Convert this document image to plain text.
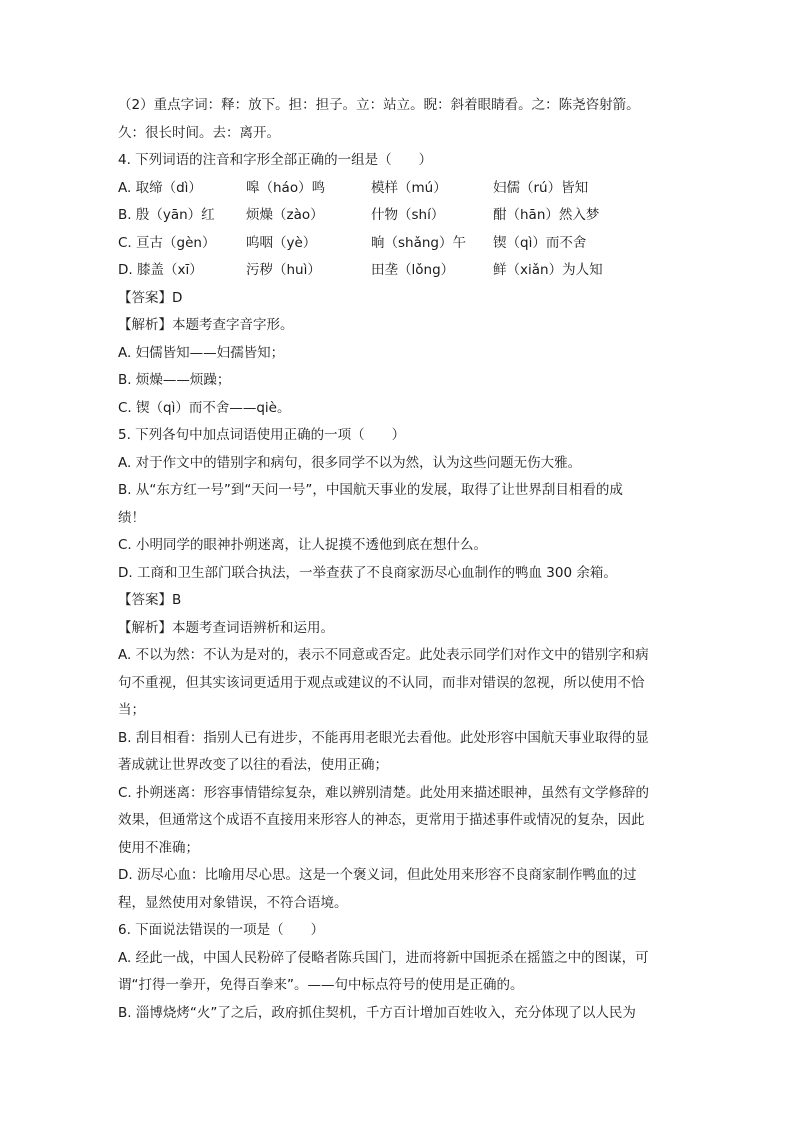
（2）重点字词：释：放下。担：担子。立：站立。睨：斜着眼睛看。之：陈尧咨射箭。
久：很长时间。去：离开。
4. 下列词语的注音和字形全部正确的一组是（　　）
A. 取缔（dì）	嗥（háo）鸣	模样（mú）	妇儒（rú）皆知
B. 殷（yān）红	烦燥（zào）	什物（shí）	酣（hān）然入梦
C. 亘古（gèn）	呜咽（yè）	晌（shǎng）午	锲（qì）而不舍
D. 膝盖（xī）	污秽（huì）	田垄（lǒng）	鲜（xiǎn）为人知
【答案】D
【解析】本题考查字音字形。
A. 妇儒皆知——妇孺皆知；
B. 烦燥——烦躁；
C. 锲（qì）而不舍——qiè。
5. 下列各句中加点词语使用正确的一项（　　）
A. 对于作文中的错别字和病句，很多同学不以为然，认为这些问题无伤大雅。
B. 从“东方红一号”到“天问一号”，中国航天事业的发展，取得了让世界刮目相看的成
绩！
C. 小明同学的眼神扑朔迷离，让人捉摸不透他到底在想什么。
D. 工商和卫生部门联合执法，一举查获了不良商家沥尽心血制作的鸭血 300 余箱。
【答案】B
【解析】本题考查词语辨析和运用。
A. 不以为然：不认为是对的，表示不同意或否定。此处表示同学们对作文中的错别字和病
句不重视，但其实该词更适用于观点或建议的不认同，而非对错误的忽视，所以使用不恰
当；
B. 刮目相看：指别人已有进步，不能再用老眼光去看他。此处形容中国航天事业取得的显
著成就让世界改变了以往的看法，使用正确；
C. 扑朔迷离：形容事情错综复杂，难以辨别清楚。此处用来描述眼神，虽然有文学修辞的
效果，但通常这个成语不直接用来形容人的神态，更常用于描述事件或情况的复杂，因此
使用不准确；
D. 沥尽心血：比喻用尽心思。这是一个褒义词，但此处用来形容不良商家制作鸭血的过
程，显然使用对象错误，不符合语境。
6. 下面说法错误的一项是（　　）
A. 经此一战，中国人民粉碎了侵略者陈兵国门，进而将新中国扼杀在摇篮之中的图谋，可
谓“打得一拳开，免得百拳来”。——句中标点符号的使用是正确的。
B. 淄博烧烤“火”了之后，政府抓住契机，千方百计增加百姓收入，充分体现了以人民为
